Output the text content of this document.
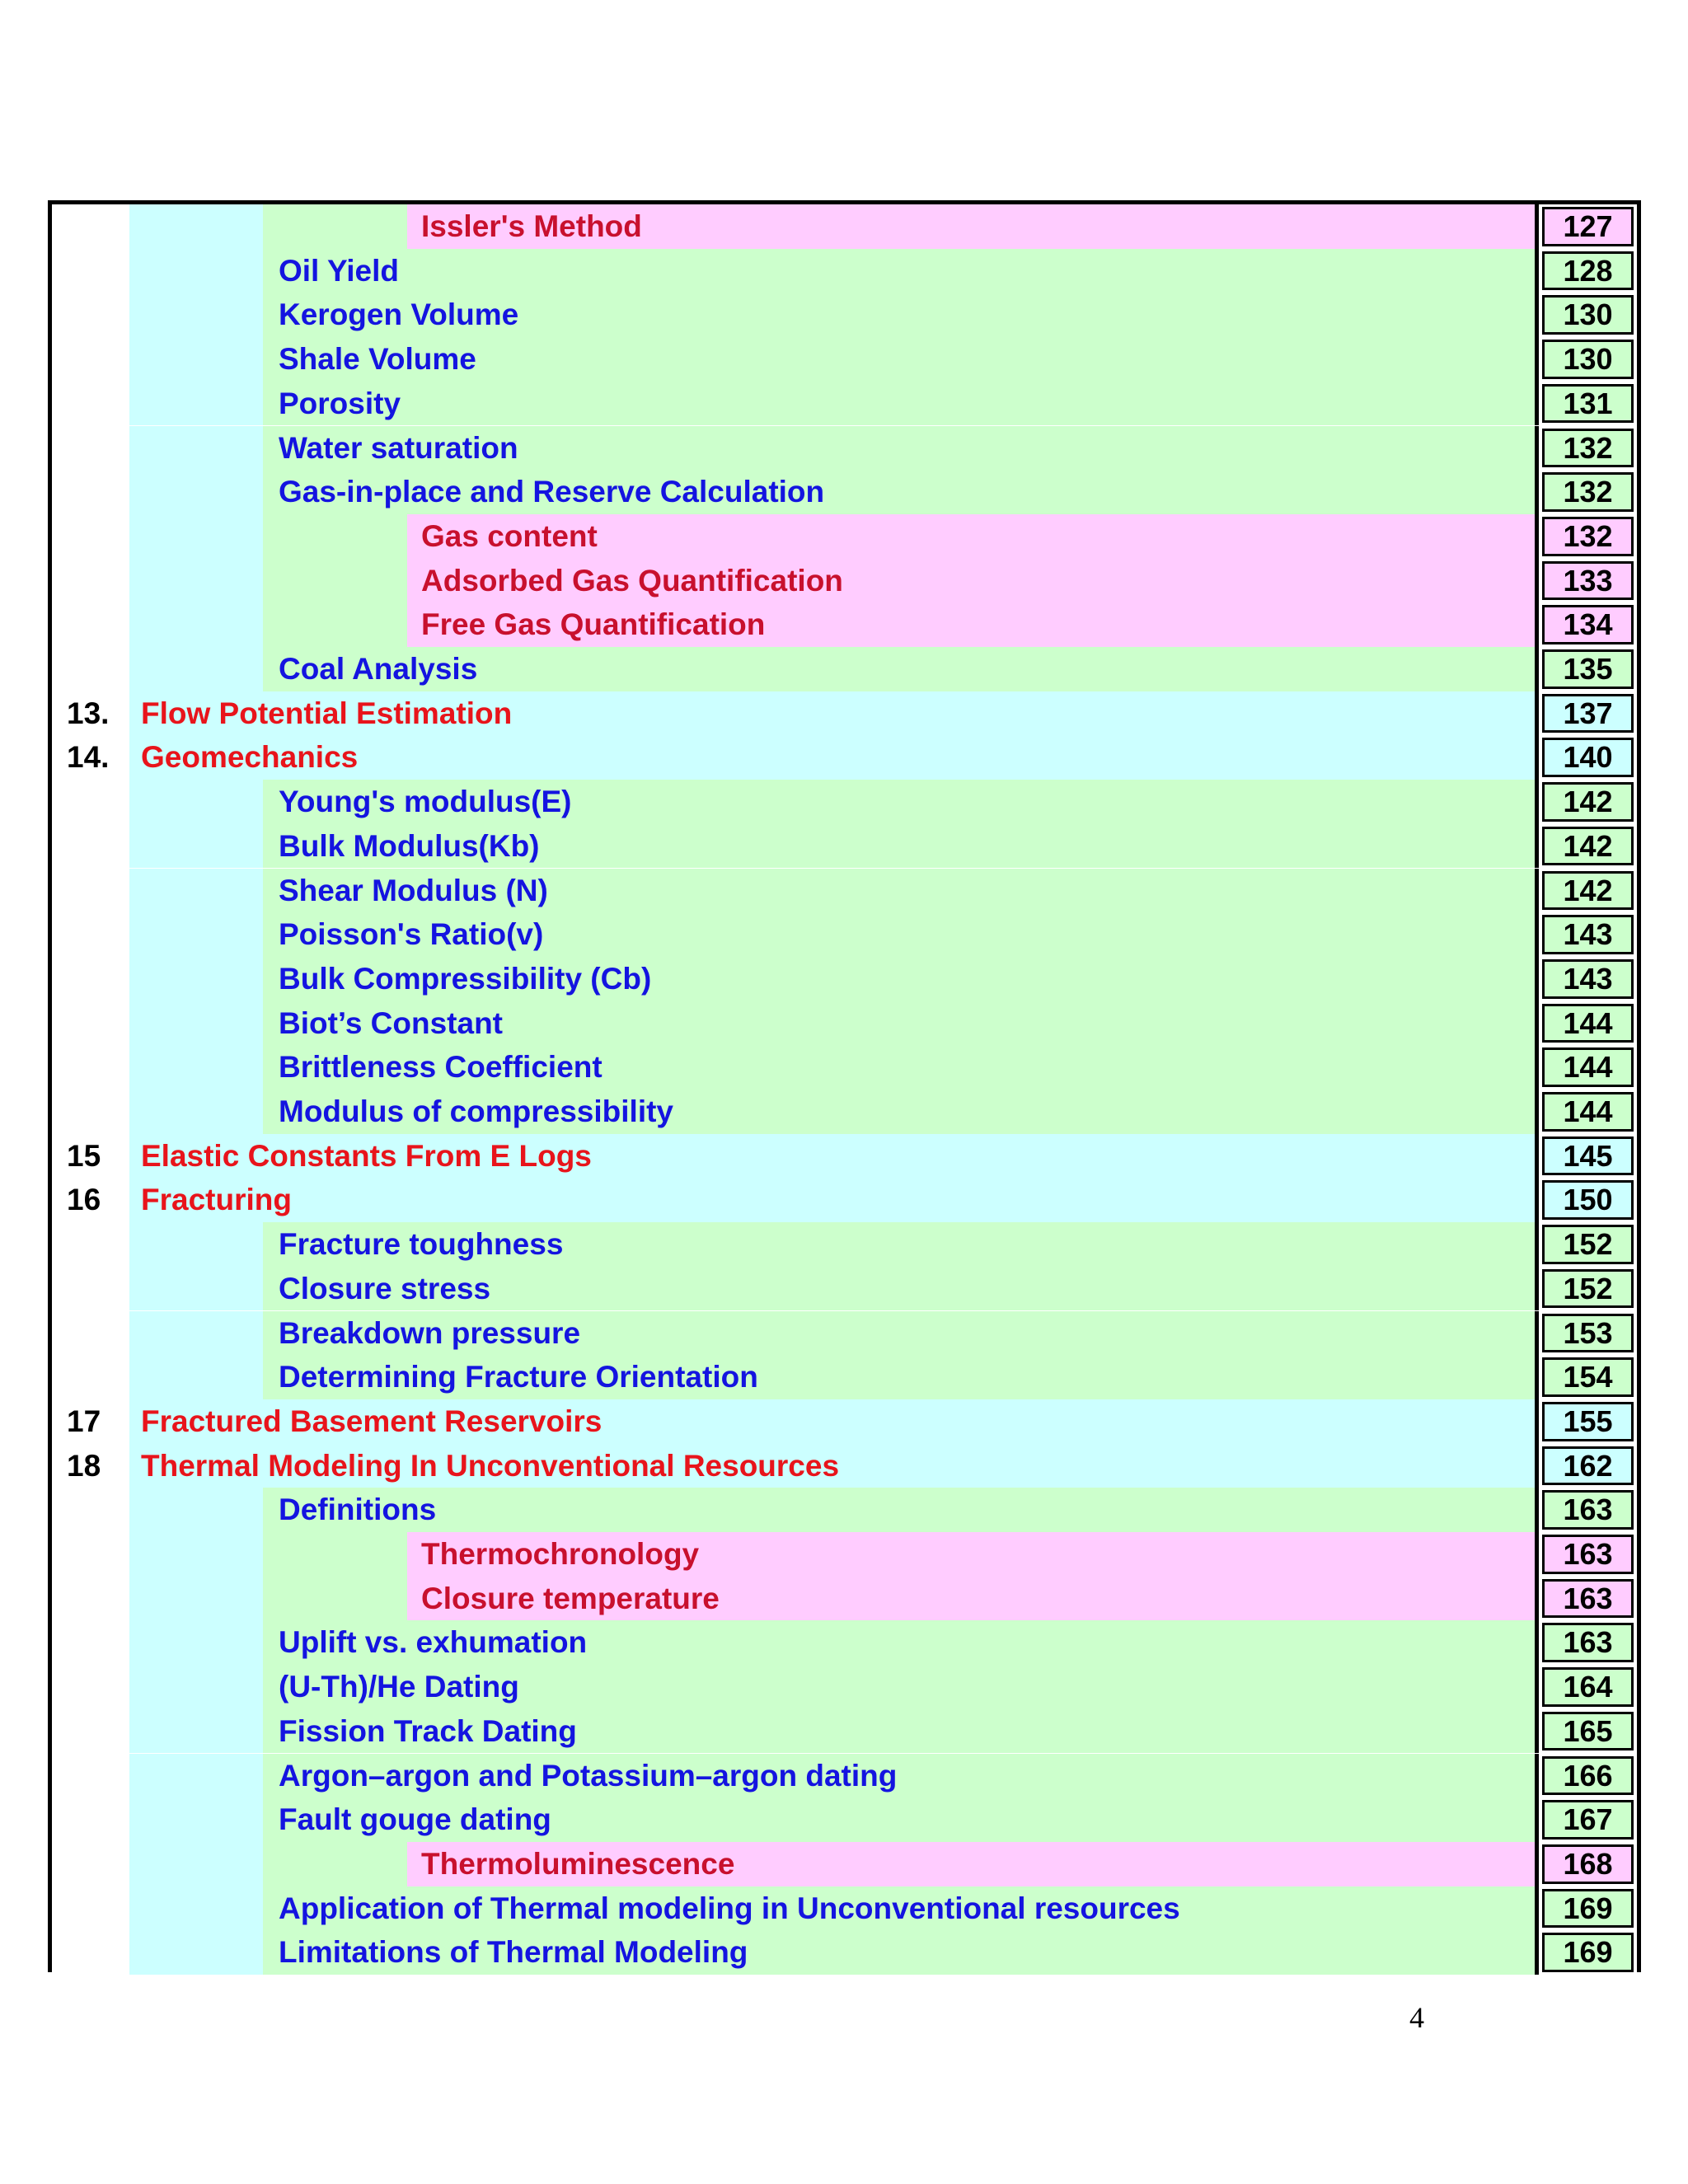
Issler's Method	127
Oil Yield	128
Kerogen Volume	130
Shale Volume	130
Porosity	131
Water saturation	132
Gas-in-place and Reserve Calculation	132
Gas content	132
Adsorbed Gas Quantification	133
Free Gas Quantification	134
Coal Analysis	135
13. Flow Potential Estimation	137
14. Geomechanics	140
Young's modulus(E)	142
Bulk Modulus(Kb)	142
Shear Modulus (N)	142
Poisson's Ratio(v)	143
Bulk Compressibility (Cb)	143
Biot’s Constant	144
Brittleness Coefficient	144
Modulus of compressibility	144
15 Elastic Constants From E Logs	145
16 Fracturing	150
Fracture toughness	152
Closure stress	152
Breakdown pressure	153
Determining Fracture Orientation	154
17 Fractured Basement Reservoirs	155
18 Thermal Modeling In Unconventional Resources	162
Definitions	163
Thermochronology	163
Closure temperature	163
Uplift vs. exhumation	163
(U-Th)/He Dating	164
Fission Track Dating	165
Argon–argon and Potassium–argon dating	166
Fault gouge dating	167
Thermoluminescence	168
Application of Thermal modeling in Unconventional resources	169
Limitations of Thermal Modeling	169
4
